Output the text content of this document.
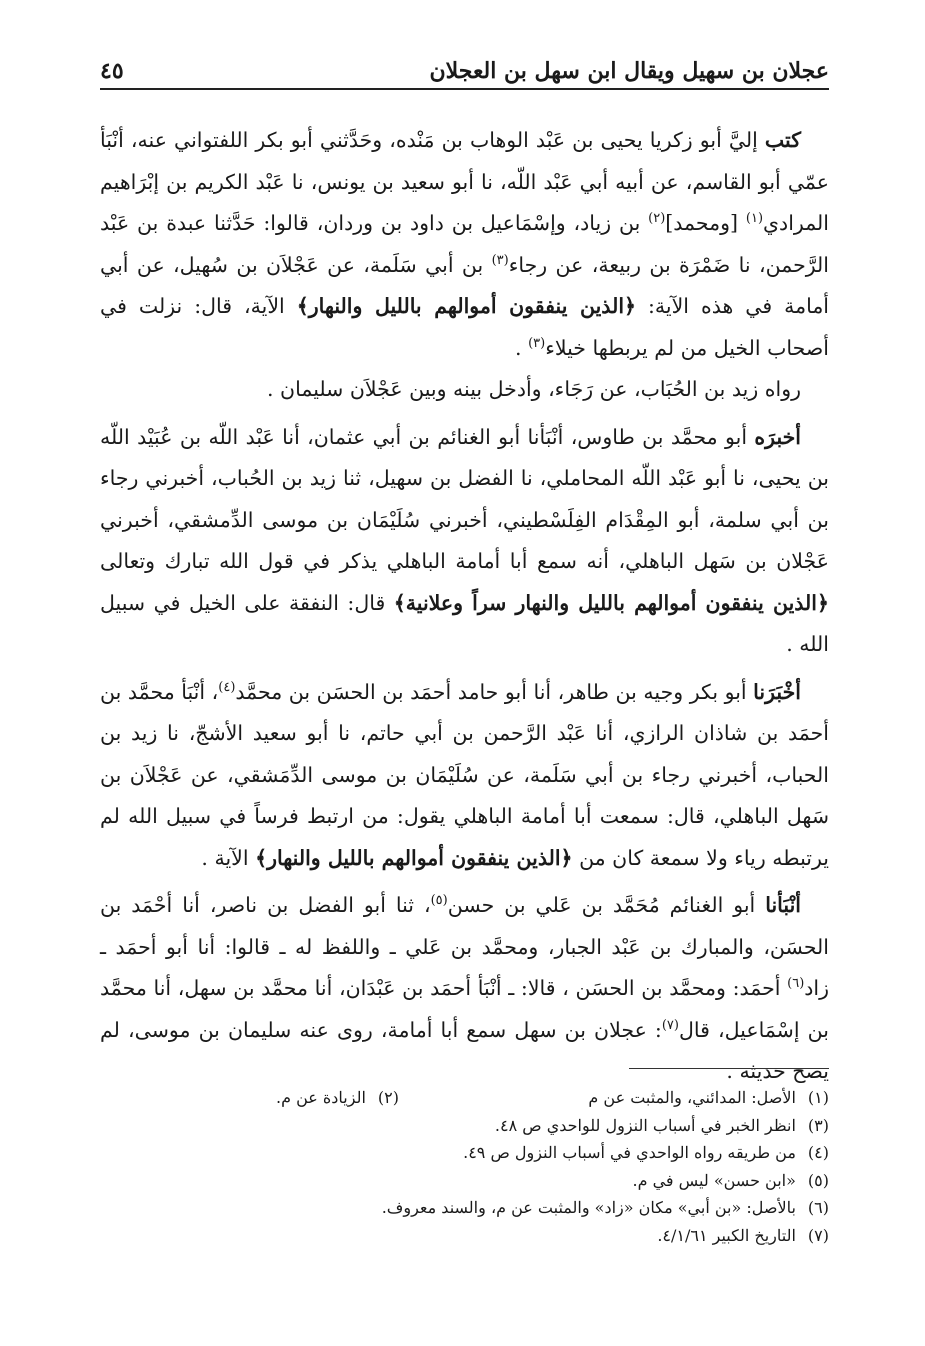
عجلان بن سهيل ويقال ابن سهل بن العجلان
٤٥

كتب إليَّ أبو زكريا يحيى بن عَبْد الوهاب بن مَنْده، وحَدَّثني أبو بكر اللفتواني عنه، أنْبَأ عمّي أبو القاسم، عن أبيه أبي عَبْد اللّه، نا أبو سعيد بن يونس، نا عَبْد الكريم بن إبْرَاهيم المرادي$^{(١)}$ [ومحمد]$^{(٢)}$ بن زياد، وإسْمَاعيل بن داود بن وردان، قالوا: حَدَّثنا عبدة بن عَبْد الرَّحمن، نا ضَمْرَة بن ربيعة، عن رجاء$^{(٣)}$ بن أبي سَلَمة، عن عَجْلاَن بن سُهيل، عن أبي أمامة في هذه الآية: ﴿الذين ينفقون أموالهم بالليل والنهار﴾ الآية، قال: نزلت في أصحاب الخيل من لم يربطها خيلاء$^{(٣)}$ .

رواه زيد بن الحُبَاب، عن رَجَاء، وأدخل بينه وبين عَجْلاَن سليمان .

أخبرَه أبو محمَّد بن طاوس، أنْبَأنا أبو الغنائم بن أبي عثمان، أنا عَبْد اللّه بن عُبَيْد اللّه بن يحيى، نا أبو عَبْد اللّه المحاملي، نا الفضل بن سهيل، ثنا زيد بن الحُباب، أخبرني رجاء بن أبي سلمة، أبو المِقْدَام الفِلَسْطيني، أخبرني سُلَيْمَان بن موسى الدِّمشقي، أخبرني عَجْلان بن سَهل الباهلي، أنه سمع أبا أمامة الباهلي يذكر في قول الله تبارك وتعالى ﴿الذين ينفقون أموالهم بالليل والنهار سراً وعلانية﴾ قال: النفقة على الخيل في سبيل الله .

أخْبَرَنا أبو بكر وجيه بن طاهر، أنا أبو حامد أحمَد بن الحسَن بن محمَّد$^{(٤)}$، أنْبَأ محمَّد بن أحمَد بن شاذان الرازي، أنا عَبْد الرَّحمن بن أبي حاتم، نا أبو سعيد الأشجّ، نا زيد بن الحباب، أخبرني رجاء بن أبي سَلَمة، عن سُلَيْمَان بن موسى الدِّمَشقي، عن عَجْلاَن بن سَهل الباهلي، قال: سمعت أبا أمامة الباهلي يقول: من ارتبط فرساً في سبيل الله لم يرتبطه رياء ولا سمعة كان من ﴿الذين ينفقون أموالهم بالليل والنهار﴾ الآية .

أنْبَأنا أبو الغنائم مُحَمَّد بن عَلي بن حسن$^{(٥)}$، ثنا أبو الفضل بن ناصر، أنا أحْمَد بن الحسَن، والمبارك بن عَبْد الجبار، ومحمَّد بن عَلي ـ واللفظ له ـ قالوا: أنا أبو أحمَد ـ زاد$^{(٦)}$ أحمَد: ومحمَّد بن الحسَن ، قالا: ـ أنْبَأ أحمَد بن عَبْدَان، أنا محمَّد بن سهل، أنا محمَّد بن إسْمَاعيل، قال$^{(٧)}$: عجلان بن سهل سمع أبا أمامة، روى عنه سليمان بن موسى، لم يصح حديثه .

(١)
الأصل: المدائني، والمثبت عن م
(٢)
الزيادة عن م.
(٣)
انظر الخبر في أسباب النزول للواحدي ص ٤٨.
(٤)
من طريقه رواه الواحدي في أسباب النزول ص ٤٩.
(٥)
«ابن حسن» ليس في م.
(٦)
بالأصل: «بن أبي» مكان «زاد» والمثبت عن م، والسند معروف.
(٧)
التاريخ الكبير ٤/١/٦١.
